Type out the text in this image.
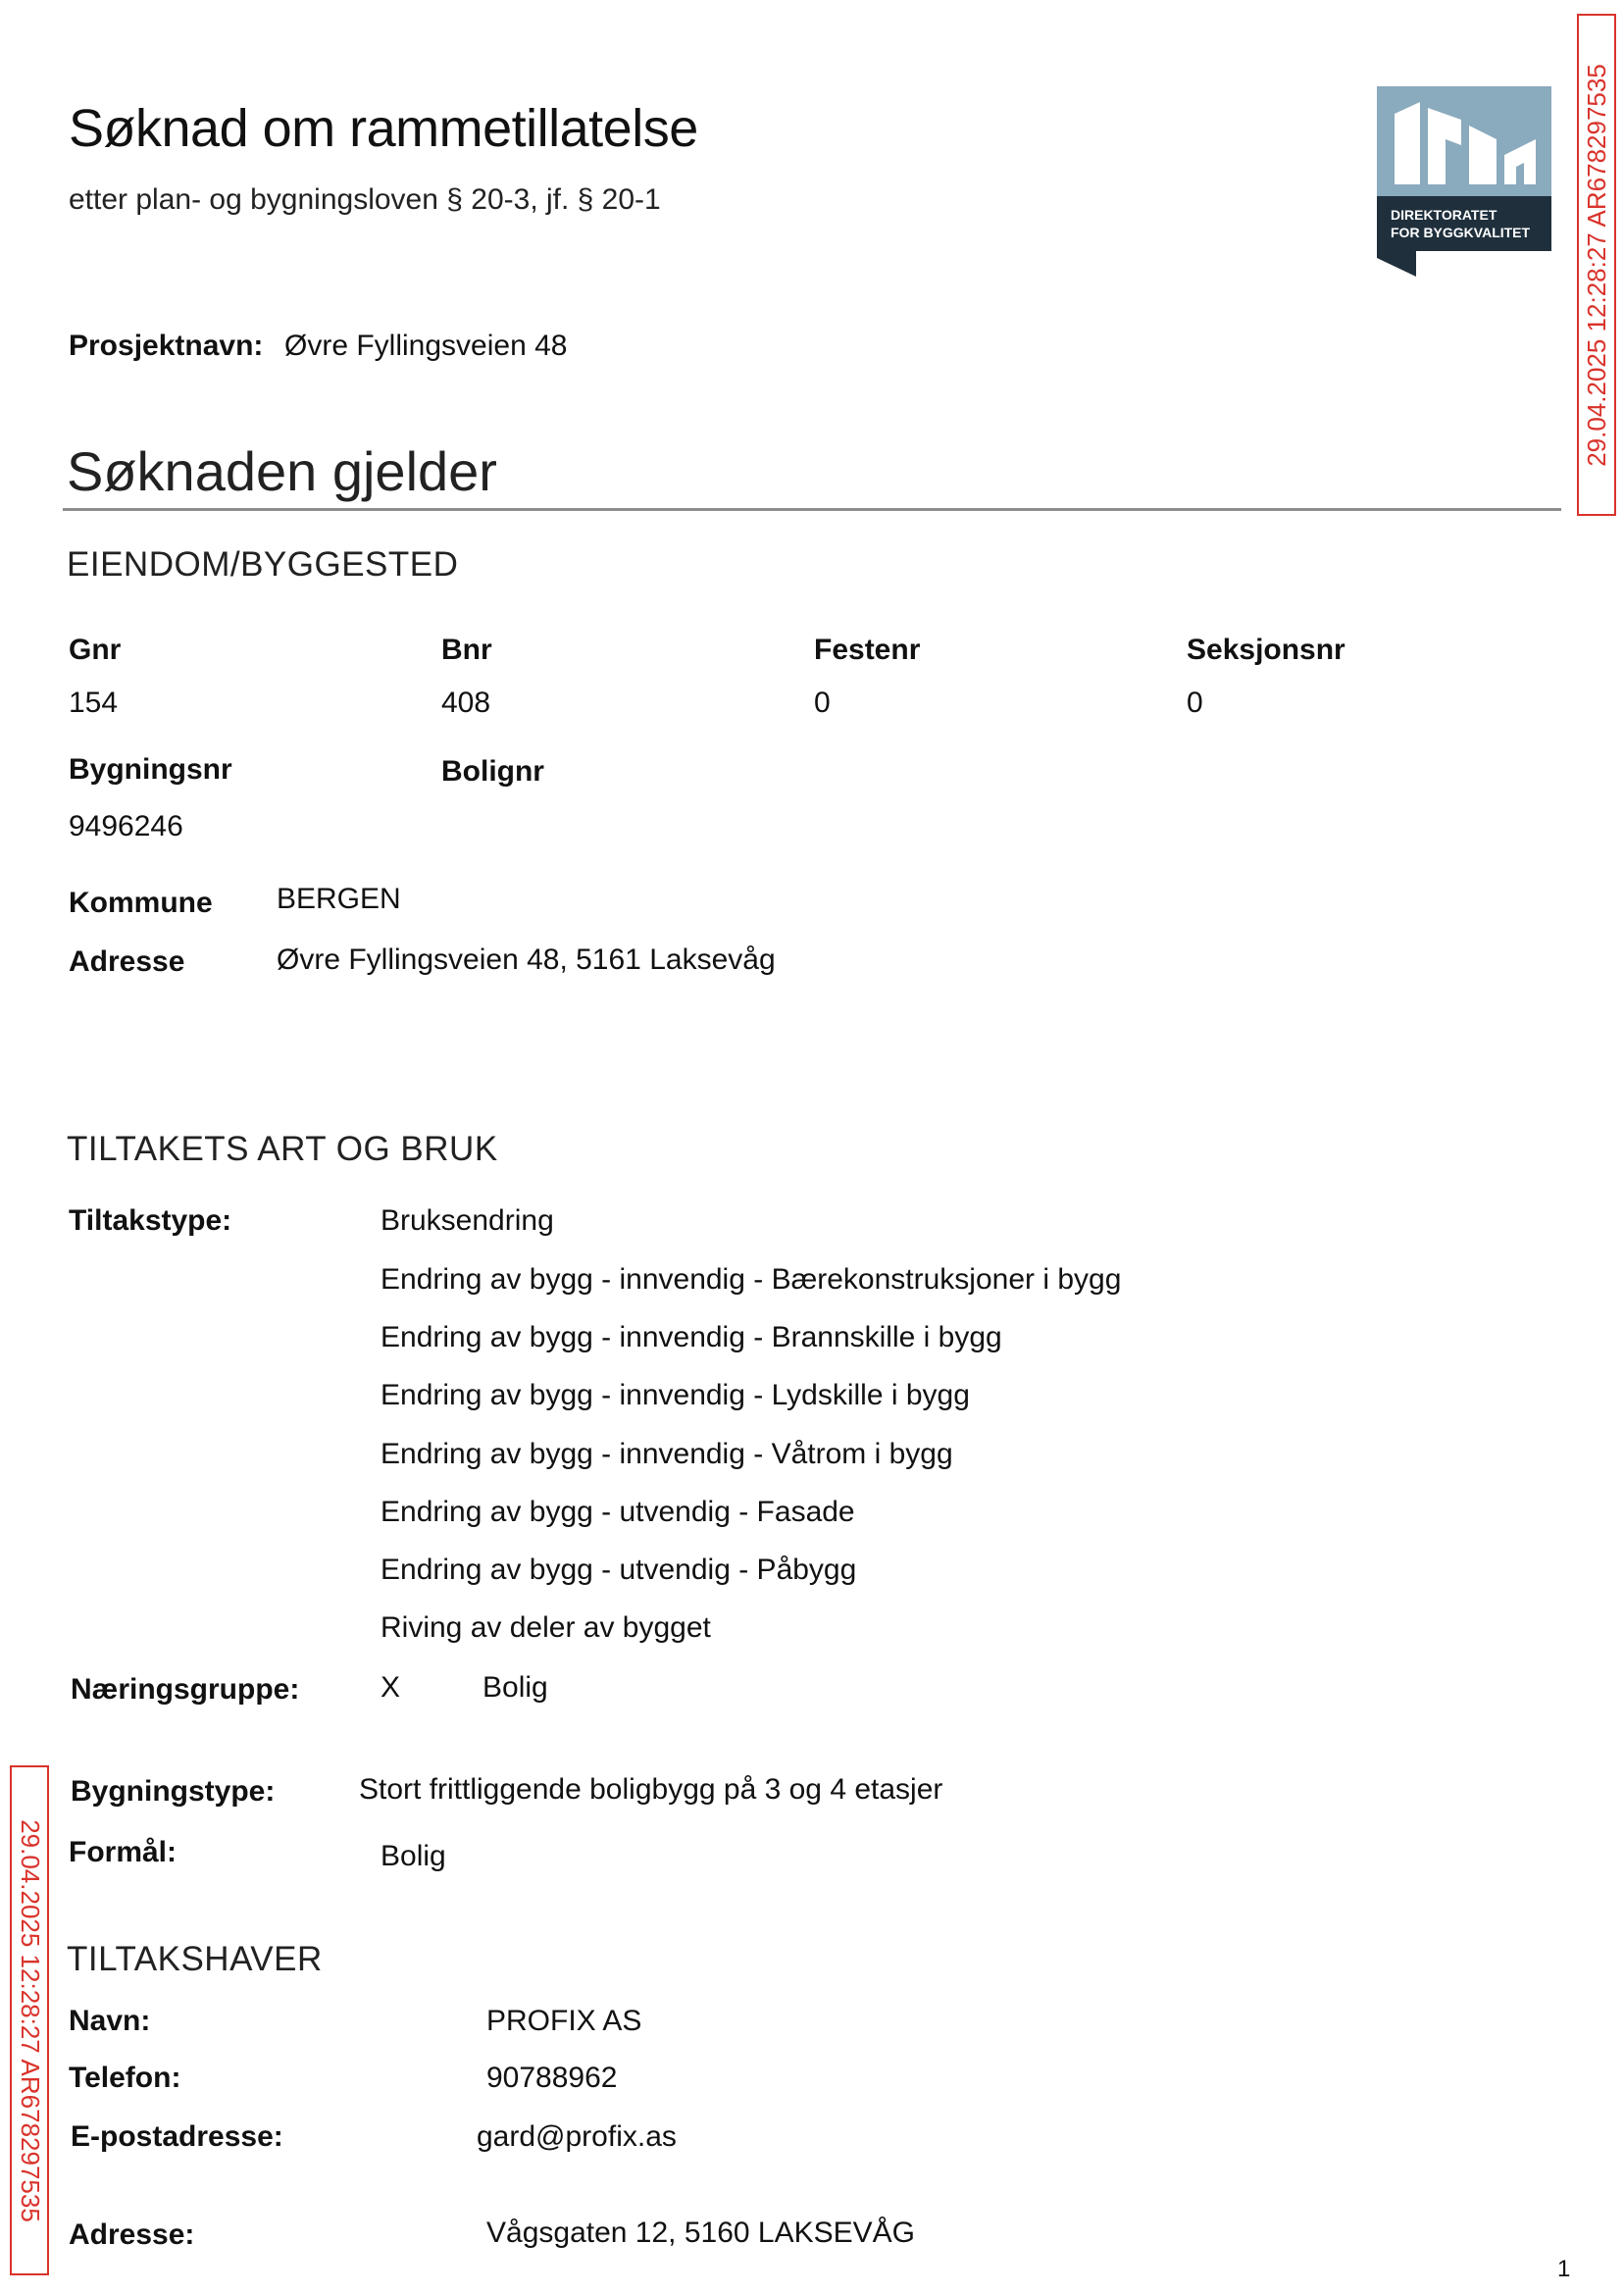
Søknad om rammetillatelse
etter plan- og bygningsloven § 20-3, jf. § 20-1	DIREKTORATET
FOR BYGGKVALITET 29.04.2025 12:28:27 AR678297535
29.04.2025 12:28:27 AR678297535
Prosjektnavn: Øvre Fyllingsveien 48
Søknaden gjelder
EIENDOM/BYGGESTED
Gnr	Bnr	Festenr	Seksjonsnr
154	408	0	0
Bygningsnr	Bolignr
9496246
Kommune BERGEN
Adresse	Øvre Fyllingsveien 48, 5161 Laksevåg
TILTAKETS ART OG BRUK
Tiltakstype:	Bruksendring
Endring av bygg - innvendig - Bærekonstruksjoner i bygg
Endring av bygg - innvendig - Brannskille i bygg
Endring av bygg - innvendig - Lydskille i bygg
Endring av bygg - innvendig - Våtrom i bygg
Endring av bygg - utvendig - Fasade
Endring av bygg - utvendig - Påbygg
Riving av deler av bygget
Næringsgruppe:	X	Bolig
Bygningstype:	Stort frittliggende boligbygg på 3 og 4 etasjer
Formål:	Bolig
TILTAKSHAVER
Navn:	PROFIX AS
Telefon:	90788962
E-postadresse:	gard@profix.as
Adresse:	Vågsgaten 12, 5160 LAKSEVÅG
1
